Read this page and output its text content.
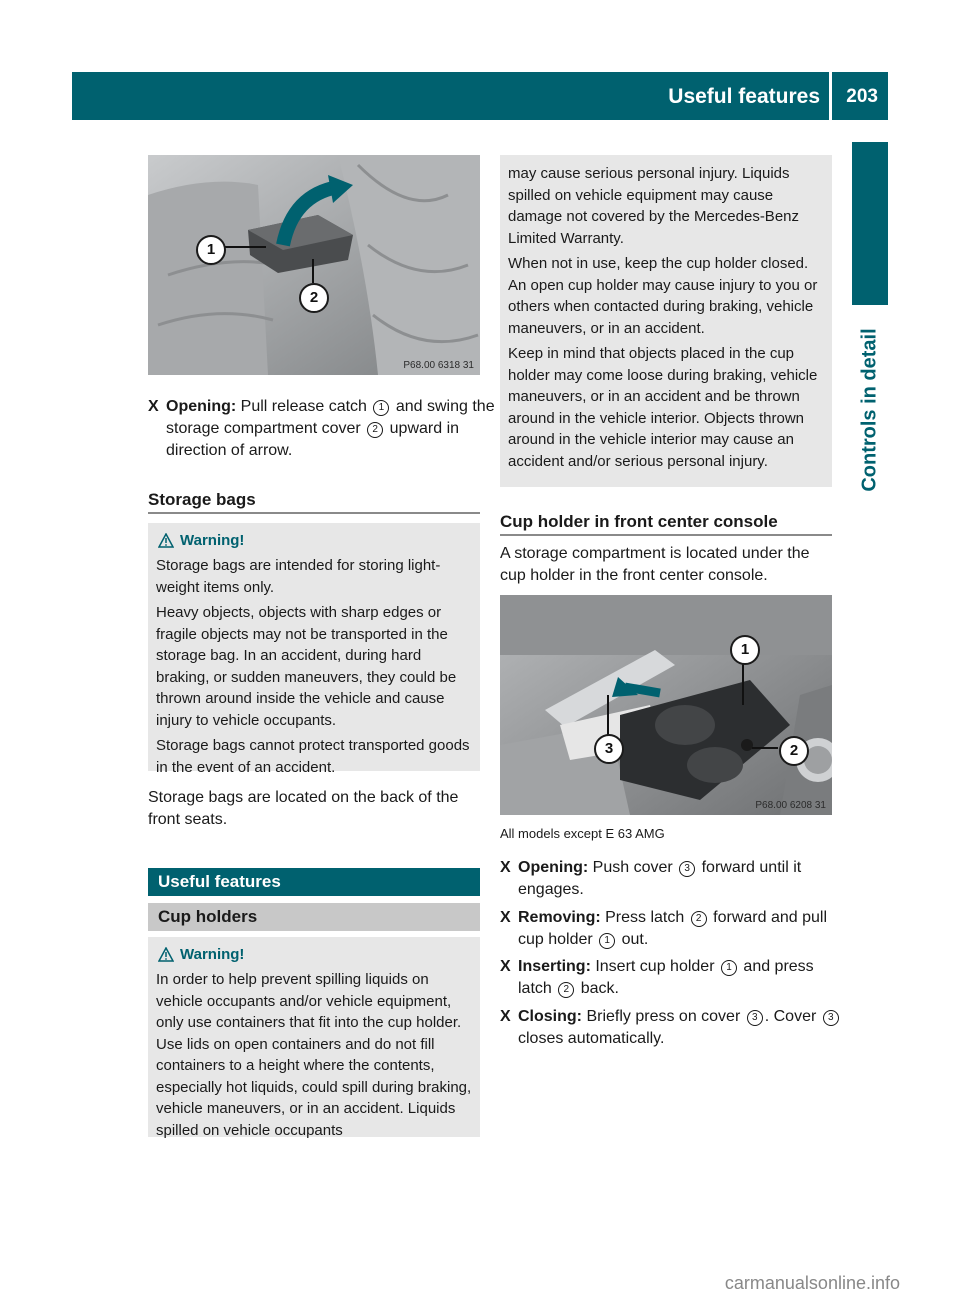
Useful features 203
Controls in detail
1
2
P68.00 6318 31
X Opening: Pull release catch 1 and swing the storage compartment cover 2 upward in direction of arrow.
Storage bags
Warning!

Storage bags are intended for storing light-weight items only.

Heavy objects, objects with sharp edges or fragile objects may not be transported in the storage bag. In an accident, during hard braking, or sudden maneuvers, they could be thrown around inside the vehicle and cause injury to vehicle occupants.

Storage bags cannot protect transported goods in the event of an accident.

Storage bags are located on the back of the front seats.
Useful features
Cup holders
Warning!

In order to help prevent spilling liquids on vehicle occupants and/or vehicle equipment, only use containers that fit into the cup holder. Use lids on open containers and do not fill containers to a height where the contents, especially hot liquids, could spill during braking, vehicle maneuvers, or in an accident. Liquids spilled on vehicle occupants

may cause serious personal injury. Liquids spilled on vehicle equipment may cause damage not covered by the Mercedes-Benz Limited Warranty.

When not in use, keep the cup holder closed. An open cup holder may cause injury to you or others when contacted during braking, vehicle maneuvers, or in an accident.

Keep in mind that objects placed in the cup holder may come loose during braking, vehicle maneuvers, or in an accident and be thrown around in the vehicle interior. Objects thrown around in the vehicle interior may cause an accident and/or serious personal injury.

Cup holder in front center console
A storage compartment is located under the cup holder in the front center console.
1
2
3
P68.00 6208 31
All models except E 63 AMG
X Opening: Push cover 3 forward until it engages.
X Removing: Press latch 2 forward and pull cup holder 1 out.
X Inserting: Insert cup holder 1 and press latch 2 back.
X Closing: Briefly press on cover 3 . Cover 3 closes automatically.
carmanualsonline.info
